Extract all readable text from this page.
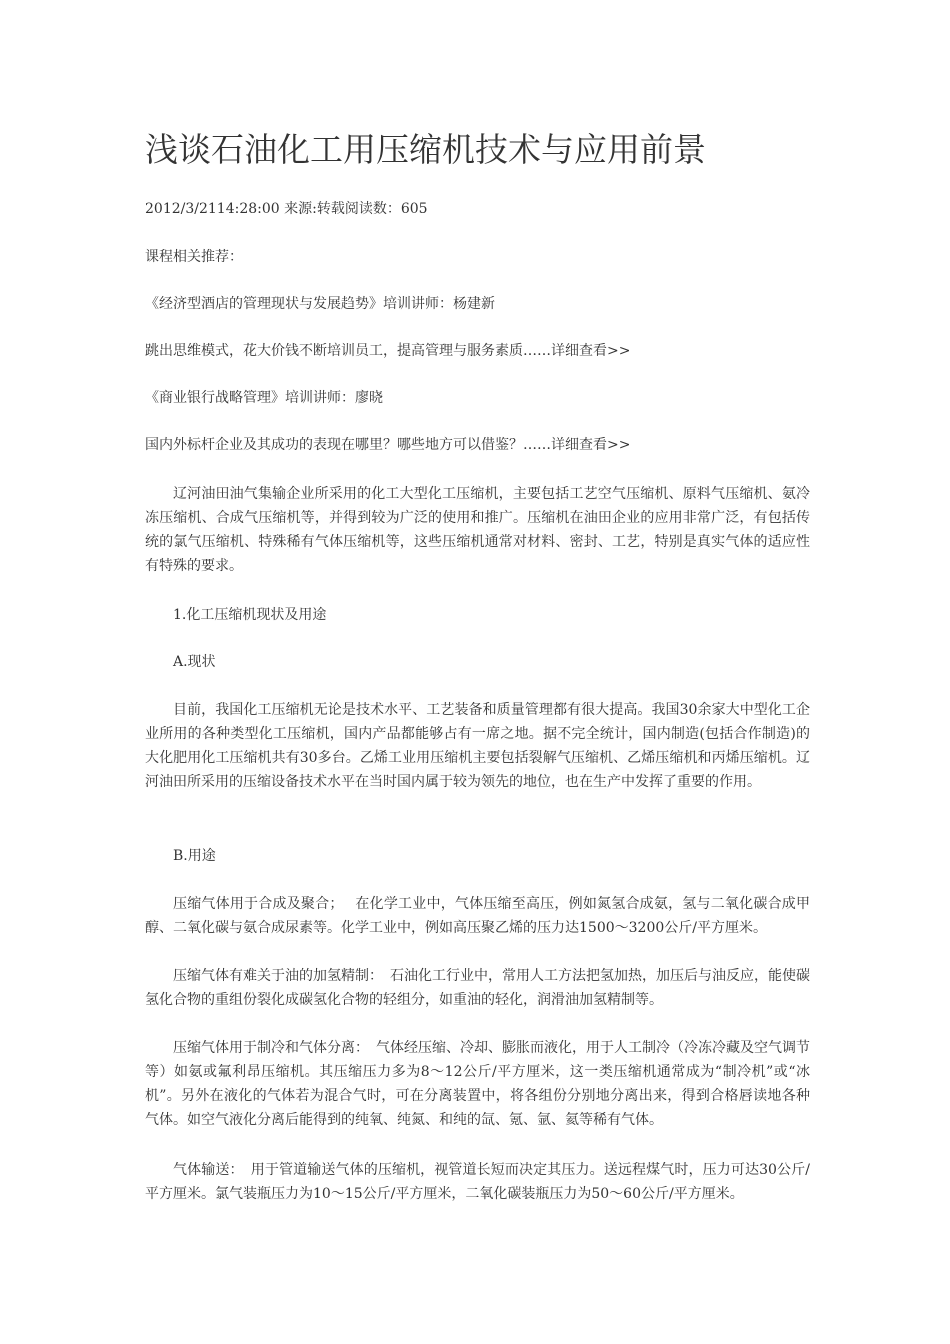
浅谈石油化工用压缩机技术与应用前景
2012/3/2114:28:00 来源:转载阅读数：605
课程相关推荐：
《经济型酒店的管理现状与发展趋势》培训讲师：杨建新
跳出思维模式，花大价钱不断培训员工，提高管理与服务素质……详细查看>>
《商业银行战略管理》培训讲师：廖晓
国内外标杆企业及其成功的表现在哪里？哪些地方可以借鉴？……详细查看>>

辽河油田油气集输企业所采用的化工大型化工压缩机，主要包括工艺空气压缩机、原料气压缩机、氨冷冻压缩机、合成气压缩机等，并得到较为广泛的使用和推广。压缩机在油田企业的应用非常广泛，有包括传统的氯气压缩机、特殊稀有气体压缩机等，这些压缩机通常对材料、密封、工艺，特别是真实气体的适应性有特殊的要求。

1.化工压缩机现状及用途
A.现状

目前，我国化工压缩机无论是技术水平、工艺装备和质量管理都有很大提高。我国30余家大中型化工企业所用的各种类型化工压缩机，国内产品都能够占有一席之地。据不完全统计，国内制造(包括合作制造)的大化肥用化工压缩机共有30多台。乙烯工业用压缩机主要包括裂解气压缩机、乙烯压缩机和丙烯压缩机。辽河油田所采用的压缩设备技术水平在当时国内属于较为领先的地位，也在生产中发挥了重要的作用。

B.用途

压缩气体用于合成及聚合；　 在化学工业中，气体压缩至高压，例如氮氢合成氨，氢与二氧化碳合成甲醇、二氧化碳与氨合成尿素等。化学工业中，例如高压聚乙烯的压力达1500～3200公斤/平方厘米。

压缩气体有难关于油的加氢精制：　石油化工行业中，常用人工方法把氢加热，加压后与油反应，能使碳氢化合物的重组份裂化成碳氢化合物的轻组分，如重油的轻化，润滑油加氢精制等。

压缩气体用于制冷和气体分离：　气体经压缩、冷却、膨胀而液化，用于人工制冷（冷冻冷藏及空气调节等）如氨或氟利昂压缩机。其压缩压力多为8～12公斤/平方厘米，这一类压缩机通常成为“制冷机”或“冰机”。另外在液化的气体若为混合气时，可在分离装置中，将各组份分别地分离出来，得到合格唇读地各种气体。如空气液化分离后能得到的纯氧、纯氮、和纯的氙、氪、氩、氦等稀有气体。

气体输送：　用于管道输送气体的压缩机，视管道长短而决定其压力。送远程煤气时，压力可达30公斤/平方厘米。氯气装瓶压力为10～15公斤/平方厘米，二氧化碳装瓶压力为50～60公斤/平方厘米。
